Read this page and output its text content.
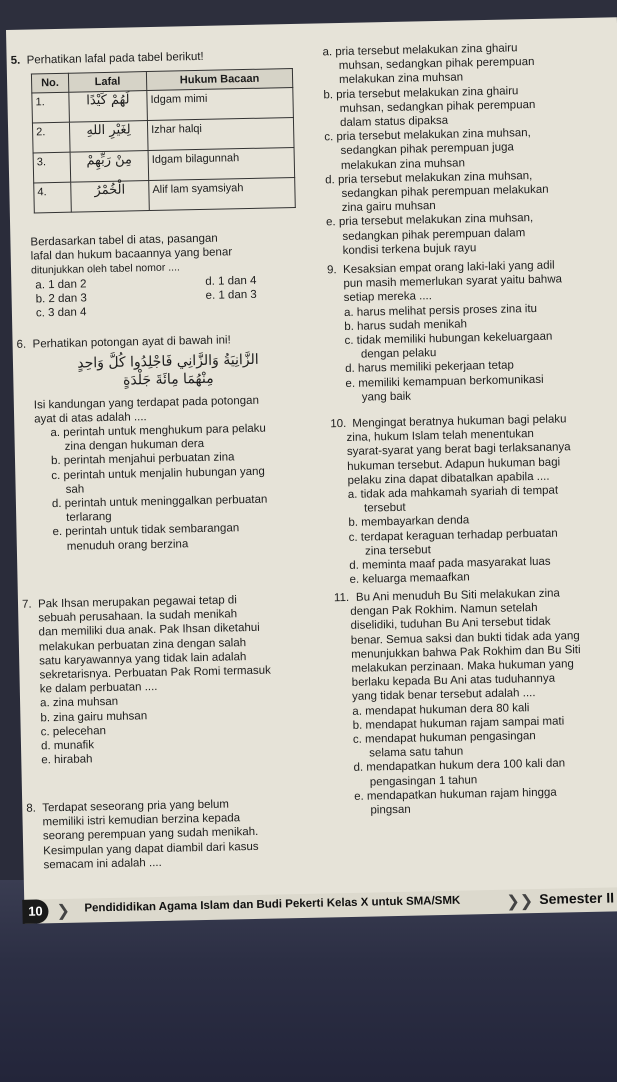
5. Perhatikan lafal pada tabel berikut!
No.	Lafal	Hukum Bacaan
1.	لَهُمْ كَيْدًا	Idgam mimi
2.	لِغَيْرِ اللهِ	Izhar halqi
3.	مِنْ رَبِّهِمْ	Idgam bilagunnah
4.	الْخُمْرُ	Alif lam syamsiyah
Berdasarkan tabel di atas, pasangan
lafal dan hukum bacaannya yang benar
ditunjukkan oleh tabel nomor ....
a. 1 dan 2
b. 2 dan 3
c. 3 dan 4
d. 1 dan 4
e. 1 dan 3
6. Perhatikan potongan ayat di bawah ini!
الزَّانِيَةُ وَالزَّانِي فَاجْلِدُوا كُلَّ وَاحِدٍ
مِنْهُمَا مِائَةَ جَلْدَةٍ
Isi kandungan yang terdapat pada potongan
ayat di atas adalah ....
a. perintah untuk menghukum para pelaku
zina dengan hukuman dera
b. perintah menjahui perbuatan zina
c. perintah untuk menjalin hubungan yang
sah
d. perintah untuk meninggalkan perbuatan
terlarang
e. perintah untuk tidak sembarangan
menuduh orang berzina
7. Pak Ihsan merupakan pegawai tetap di
sebuah perusahaan. Ia sudah menikah
dan memiliki dua anak. Pak Ihsan diketahui
melakukan perbuatan zina dengan salah
satu karyawannya yang tidak lain adalah
sekretarisnya. Perbuatan Pak Romi termasuk
ke dalam perbuatan ....
a. zina muhsan
b. zina gairu muhsan
c. pelecehan
d. munafik
e. hirabah
8. Terdapat seseorang pria yang belum
memiliki istri kemudian berzina kepada
seorang perempuan yang sudah menikah.
Kesimpulan yang dapat diambil dari kasus
semacam ini adalah ....
a. pria tersebut melakukan zina ghairu
muhsan, sedangkan pihak perempuan
melakukan zina muhsan
b. pria tersebut melakukan zina ghairu
muhsan, sedangkan pihak perempuan
dalam status dipaksa
c. pria tersebut melakukan zina muhsan,
sedangkan pihak perempuan juga
melakukan zina muhsan
d. pria tersebut melakukan zina muhsan,
sedangkan pihak perempuan melakukan
zina gairu muhsan
e. pria tersebut melakukan zina muhsan,
sedangkan pihak perempuan dalam
kondisi terkena bujuk rayu
9. Kesaksian empat orang laki-laki yang adil
pun masih memerlukan syarat yaitu bahwa
setiap mereka ....
a. harus melihat persis proses zina itu
b. harus sudah menikah
c. tidak memiliki hubungan kekeluargaan
dengan pelaku
d. harus memiliki pekerjaan tetap
e. memiliki kemampuan berkomunikasi
yang baik
10. Mengingat beratnya hukuman bagi pelaku
zina, hukum Islam telah menentukan
syarat-syarat yang berat bagi terlaksananya
hukuman tersebut. Adapun hukuman bagi
pelaku zina dapat dibatalkan apabila ....
a. tidak ada mahkamah syariah di tempat
tersebut
b. membayarkan denda
c. terdapat keraguan terhadap perbuatan
zina tersebut
d. meminta maaf pada masyarakat luas
e. keluarga memaafkan
11. Bu Ani menuduh Bu Siti melakukan zina
dengan Pak Rokhim. Namun setelah
diselidiki, tuduhan Bu Ani tersebut tidak
benar. Semua saksi dan bukti tidak ada yang
menunjukkan bahwa Pak Rokhim dan Bu Siti
melakukan perzinaan. Maka hukuman yang
berlaku kepada Bu Ani atas tuduhannya
yang tidak benar tersebut adalah ....
a. mendapat hukuman dera 80 kali
b. mendapat hukuman rajam sampai mati
c. mendapat hukuman pengasingan
selama satu tahun
d. mendapatkan hukum dera 100 kali dan
pengasingan 1 tahun
e. mendapatkan hukuman rajam hingga
pingsan
10 ❯ Pendididikan Agama Islam dan Budi Pekerti Kelas X untuk SMA/SMK	❯❯ Semester II
